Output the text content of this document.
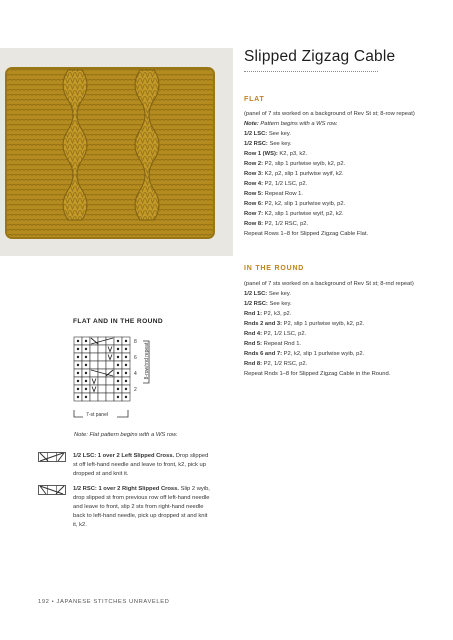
Slipped Zigzag Cable
FLAT

(panel of 7 sts worked on a background of Rev St st; 8-row repeat)

Note: Pattern begins with a WS row.

1/2 LSC: See key.

1/2 RSC: See key.

Row 1 (WS): K2, p3, k2.

Row 2: P2, slip 1 purlwise wyib, k2, p2.

Row 3: K2, p2, slip 1 purlwise wyif, k2.

Row 4: P2, 1/2 LSC, p2.

Row 5: Repeat Row 1.

Row 6: P2, k2, slip 1 purlwise wyib, p2.

Row 7: K2, slip 1 purlwise wyif, p2, k2.

Row 8: P2, 1/2 RSC, p2.

Repeat Rows 1–8 for Slipped Zigzag Cable Flat.

IN THE ROUND

(panel of 7 sts worked on a background of Rev St st; 8-rnd repeat)

1/2 LSC: See key.

1/2 RSC: See key.

Rnd 1: P2, k3, p2.

Rnds 2 and 3: P2, slip 1 purlwise wyib, k2, p2.

Rnd 4: P2, 1/2 LSC, p2.

Rnd 5: Repeat Rnd 1.

Rnds 6 and 7: P2, k2, slip 1 purlwise wyib, p2.

Rnd 8: P2, 1/2 RSC, p2.

Repeat Rnds 1–8 for Slipped Zigzag Cable in the Round.

FLAT AND IN THE ROUND
8
6
4
2
8-row/rnd repeat
7-st panel
Note: Flat pattern begins with a WS row.
1/2 LSC: 1 over 2 Left Slipped Cross. Drop slipped st off left-hand needle and leave to front, k2, pick up dropped st and knit it.
1/2 RSC: 1 over 2 Right Slipped Cross. Slip 2 wyib, drop slipped st from previous row off left-hand needle and leave to front, slip 2 sts from right-hand needle back to left-hand needle, pick up dropped st and knit it, k2.
192 • JAPANESE STITCHES UNRAVELED
